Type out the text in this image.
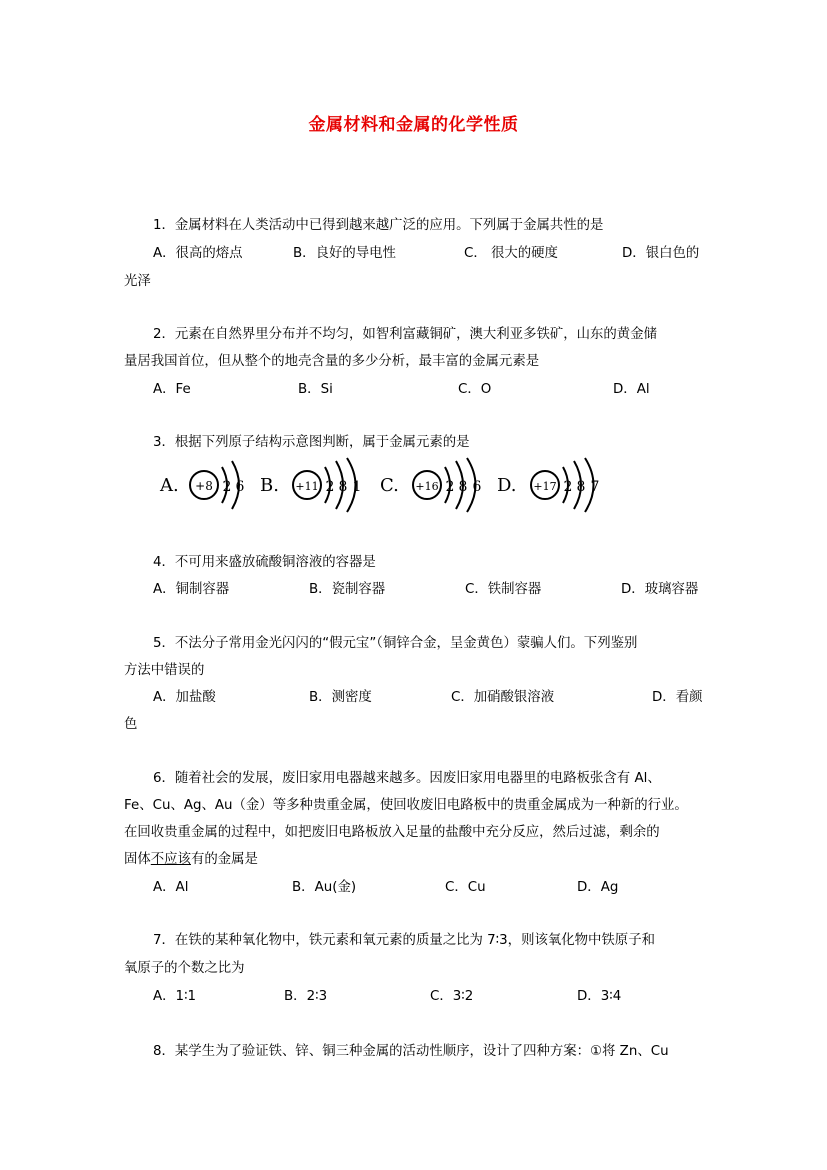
金属材料和金属的化学性质
1．金属材料在人类活动中已得到越来越广泛的应用。下列属于金属共性的是
A．很高的熔点	B．良好的导电性	C． 很大的硬度	D．银白色的
光泽
2．元素在自然界里分布并不均匀，如智利富藏铜矿，澳大利亚多铁矿，山东的黄金储
量居我国首位，但从整个的地壳含量的多少分析，最丰富的金属元素是
A．Fe	B．Si	C．O	D．Al
3．根据下列原子结构示意图判断，属于金属元素的是
A. +8 2 6 B. +11 2 8 1 C. +16 2 8 6 D. +17 2 8 7
4．不可用来盛放硫酸铜溶液的容器是
A．铜制容器	B．瓷制容器	C．铁制容器	D．玻璃容器
5．不法分子常用金光闪闪的“假元宝”（铜锌合金，呈金黄色）蒙骗人们。下列鉴别
方法中错误的
A．加盐酸	B．测密度	C．加硝酸银溶液	D．看颜
色
6．随着社会的发展，废旧家用电器越来越多。因废旧家用电器里的电路板张含有 Al、
Fe、Cu、Ag、Au（金）等多种贵重金属，使回收废旧电路板中的贵重金属成为一种新的行业。
在回收贵重金属的过程中，如把废旧电路板放入足量的盐酸中充分反应，然后过滤，剩余的
固体不应该有的金属是
A．Al	B．Au(金)	C．Cu	D．Ag
7．在铁的某种氧化物中，铁元素和氧元素的质量之比为 7∶3，则该氧化物中铁原子和
氧原子的个数之比为
A．1∶1	B．2∶3	C．3∶2	D．3∶4
8．某学生为了验证铁、锌、铜三种金属的活动性顺序，设计了四种方案：①将 Zn、Cu
